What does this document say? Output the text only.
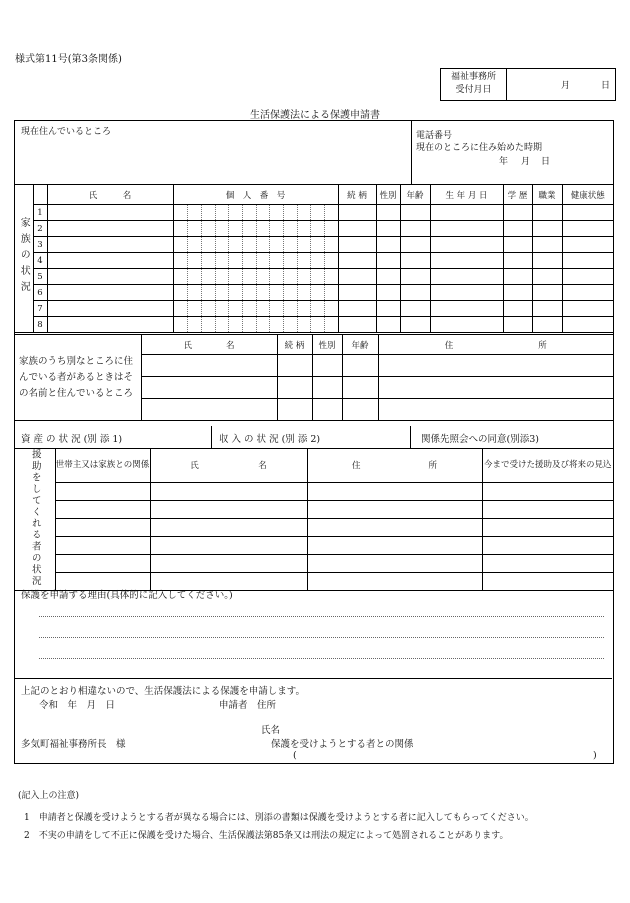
様式第11号(第3条関係)
福祉事務所
受付月日	月	日
生活保護法による保護申請書
現在住んでいるところ	電話番号
現在のところに住み始めた時期
年 月 日
家族の状況		氏　　　名	個　人　番　号	続 柄	性別	年齢	生 年 月 日	学 歴	職業	健康状態
	1		

	2		

	3		

	4		

	5		

	6		

	7		

	8		

家族のうち別なところに住んでいる者があるときはその名前と住んでいるところ	氏　　　　名	続 柄	性別	年齢	住　　　　　　　　　　所

資 産 の 状 況 (別 添 1)	収 入 の 状 況 (別 添 2)	関係先照会への同意(別添3)
援助をしてくれる者の状況	世帯主又は家族との関係	氏　　　　　　　名	住　　　　　　　　所	今まで受けた援助及び将来の見込

保護を申請する理由(具体的に記入してください。)
上記のとおり相違ないので、生活保護法による保護を申請します。
令和　年　月　日	申請者　住所
氏名
多気町福祉事務所長　様	保護を受けようとする者との関係
(	)
(記入上の注意)
1　申請者と保護を受けようとする者が異なる場合には、別添の書類は保護を受けようとする者に記入してもらってください。
2　不実の申請をして不正に保護を受けた場合、生活保護法第85条又は刑法の規定によって処罰されることがあります。
